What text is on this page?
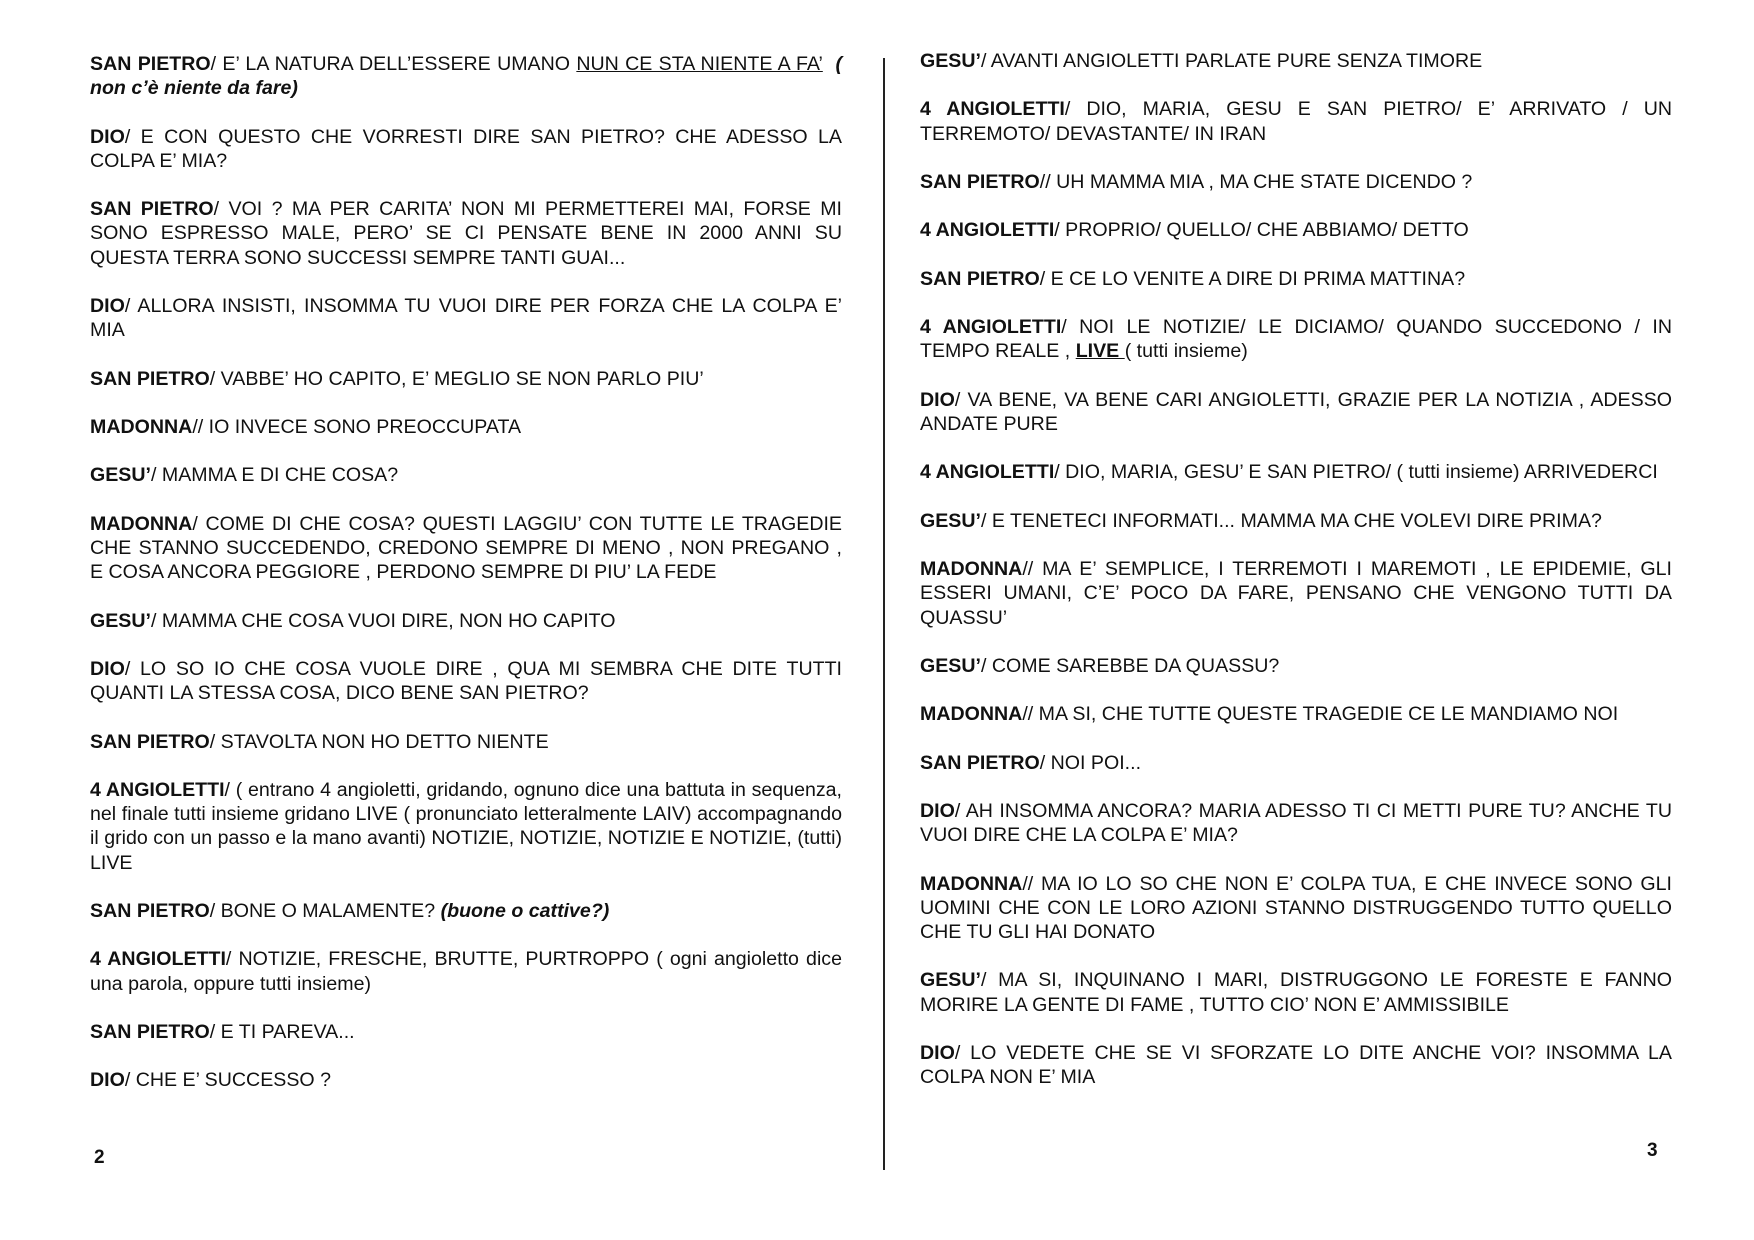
SAN PIETRO/ E’ LA NATURA DELL’ESSERE UMANO NUN CE STA NIENTE A FA’ ( non c’è niente da fare)

DIO/ E CON QUESTO CHE VORRESTI DIRE SAN PIETRO? CHE ADESSO LA COLPA E’ MIA?

SAN PIETRO/ VOI ? MA PER CARITA’ NON MI PERMETTEREI MAI, FORSE MI SONO ESPRESSO MALE, PERO’ SE CI PENSATE BENE IN 2000 ANNI SU QUESTA TERRA SONO SUCCESSI SEMPRE TANTI GUAI...

DIO/ ALLORA INSISTI, INSOMMA TU VUOI DIRE PER FORZA CHE LA COLPA E’ MIA

SAN PIETRO/ VABBE’ HO CAPITO, E’ MEGLIO SE NON PARLO PIU’

MADONNA// IO INVECE SONO PREOCCUPATA

GESU’/ MAMMA E DI CHE COSA?

MADONNA/ COME DI CHE COSA? QUESTI LAGGIU’ CON TUTTE LE TRAGEDIE CHE STANNO SUCCEDENDO, CREDONO SEMPRE DI MENO , NON PREGANO , E COSA ANCORA PEGGIORE , PERDONO SEMPRE DI PIU’ LA FEDE

GESU’/ MAMMA CHE COSA VUOI DIRE, NON HO CAPITO

DIO/ LO SO IO CHE COSA VUOLE DIRE , QUA MI SEMBRA CHE DITE TUTTI QUANTI LA STESSA COSA, DICO BENE SAN PIETRO?

SAN PIETRO/ STAVOLTA NON HO DETTO NIENTE

4 ANGIOLETTI/ ( entrano 4 angioletti, gridando, ognuno dice una battuta in sequenza, nel finale tutti insieme gridano LIVE ( pronunciato letteralmente LAIV) accompagnando il grido con un passo e la mano avanti) NOTIZIE, NOTIZIE, NOTIZIE E NOTIZIE, (tutti) LIVE

SAN PIETRO/ BONE O MALAMENTE? (buone o cattive?)

4 ANGIOLETTI/ NOTIZIE, FRESCHE, BRUTTE, PURTROPPO ( ogni angioletto dice una parola, oppure tutti insieme)

SAN PIETRO/ E TI PAREVA...

DIO/ CHE E’ SUCCESSO ?

GESU’/ AVANTI ANGIOLETTI PARLATE PURE SENZA TIMORE

4 ANGIOLETTI/ DIO, MARIA, GESU E SAN PIETRO/ E’ ARRIVATO / UN TERREMOTO/ DEVASTANTE/ IN IRAN

SAN PIETRO// UH MAMMA MIA , MA CHE STATE DICENDO ?

4 ANGIOLETTI/ PROPRIO/ QUELLO/ CHE ABBIAMO/ DETTO

SAN PIETRO/ E CE LO VENITE A DIRE DI PRIMA MATTINA?

4 ANGIOLETTI/ NOI LE NOTIZIE/ LE DICIAMO/ QUANDO SUCCEDONO / IN TEMPO REALE , LIVE ( tutti insieme)

DIO/ VA BENE, VA BENE CARI ANGIOLETTI, GRAZIE PER LA NOTIZIA , ADESSO ANDATE PURE

4 ANGIOLETTI/ DIO, MARIA, GESU’ E SAN PIETRO/ ( tutti insieme) ARRIVEDERCI

GESU’/ E TENETECI INFORMATI... MAMMA MA CHE VOLEVI DIRE PRIMA?

MADONNA// MA E’ SEMPLICE, I TERREMOTI I MAREMOTI , LE EPIDEMIE, GLI ESSERI UMANI, C’E’ POCO DA FARE, PENSANO CHE VENGONO TUTTI DA QUASSU’

GESU’/ COME SAREBBE DA QUASSU?

MADONNA// MA SI, CHE TUTTE QUESTE TRAGEDIE CE LE MANDIAMO NOI

SAN PIETRO/ NOI POI...

DIO/ AH INSOMMA ANCORA? MARIA ADESSO TI CI METTI PURE TU? ANCHE TU VUOI DIRE CHE LA COLPA E’ MIA?

MADONNA// MA IO LO SO CHE NON E’ COLPA TUA, E CHE INVECE SONO GLI UOMINI CHE CON LE LORO AZIONI STANNO DISTRUGGENDO TUTTO QUELLO CHE TU GLI HAI DONATO

GESU’/ MA SI, INQUINANO I MARI, DISTRUGGONO LE FORESTE E FANNO MORIRE LA GENTE DI FAME , TUTTO CIO’ NON E’ AMMISSIBILE

DIO/ LO VEDETE CHE SE VI SFORZATE LO DITE ANCHE VOI? INSOMMA LA COLPA NON E’ MIA

2	3
